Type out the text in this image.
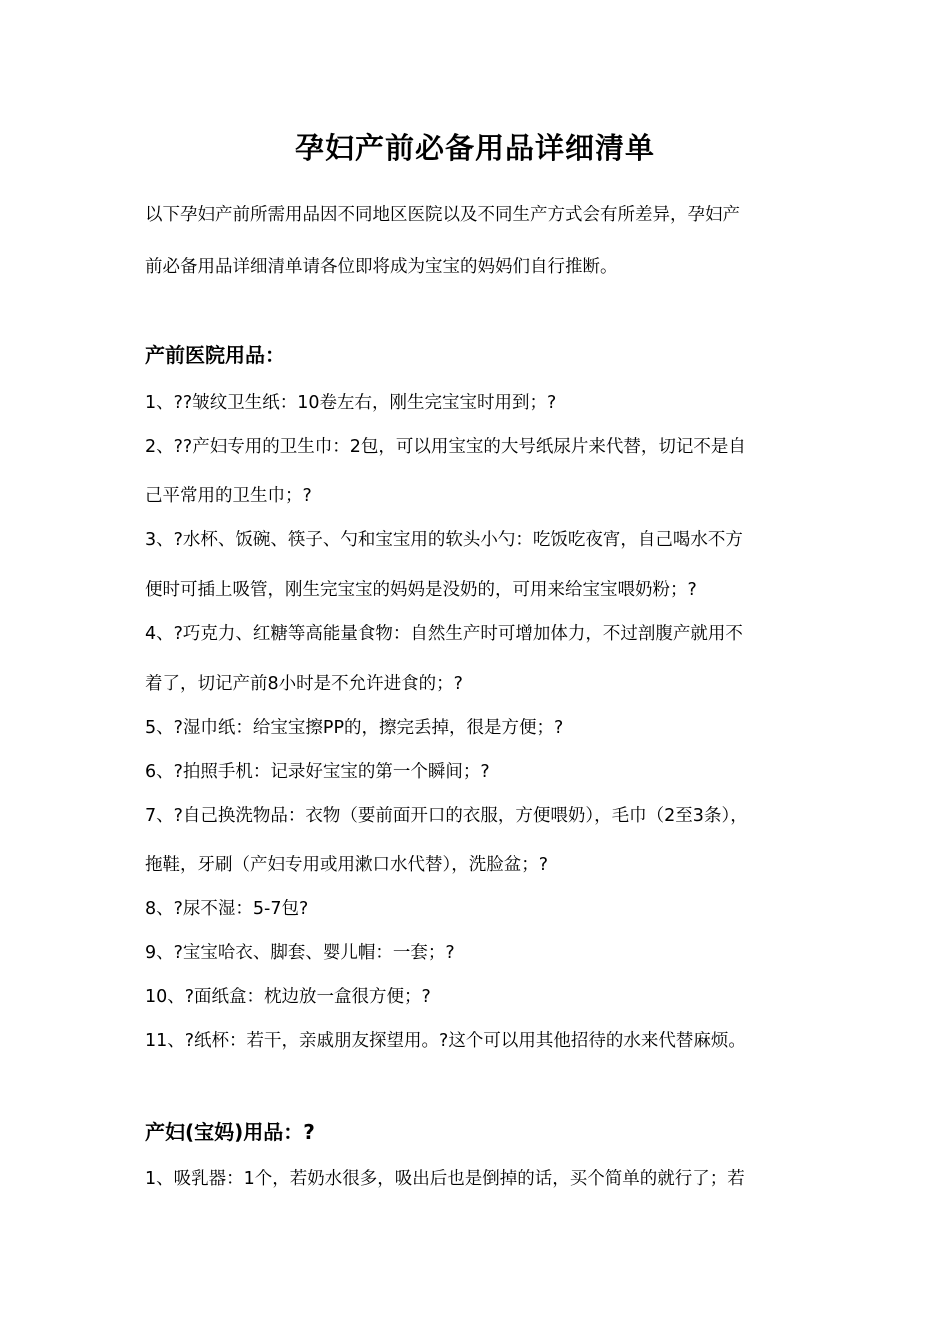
孕妇产前必备用品详细清单
以下孕妇产前所需用品因不同地区医院以及不同生产方式会有所差异，孕妇产
前必备用品详细清单请各位即将成为宝宝的妈妈们自行推断。
产前医院用品：
1、??皱纹卫生纸：10卷左右，刚生完宝宝时用到；?
2、??产妇专用的卫生巾：2包，可以用宝宝的大号纸尿片来代替，切记不是自
己平常用的卫生巾；?
3、?水杯、饭碗、筷子、勺和宝宝用的软头小勺：吃饭吃夜宵，自己喝水不方
便时可插上吸管，刚生完宝宝的妈妈是没奶的，可用来给宝宝喂奶粉；?
4、?巧克力、红糖等高能量食物：自然生产时可增加体力，不过剖腹产就用不
着了，切记产前8小时是不允许进食的；?
5、?湿巾纸：给宝宝擦PP的，擦完丢掉，很是方便；?
6、?拍照手机：记录好宝宝的第一个瞬间；?
7、?自己换洗物品：衣物（要前面开口的衣服，方便喂奶），毛巾（2至3条），
拖鞋，牙刷（产妇专用或用漱口水代替），洗脸盆；?
8、?尿不湿：5-7包?
9、?宝宝哈衣、脚套、婴儿帽：一套；?
10、?面纸盒：枕边放一盒很方便；?
11、?纸杯：若干，亲戚朋友探望用。?这个可以用其他招待的水来代替麻烦。
产妇(宝妈)用品：?
1、吸乳器：1个，若奶水很多，吸出后也是倒掉的话，买个简单的就行了；若
